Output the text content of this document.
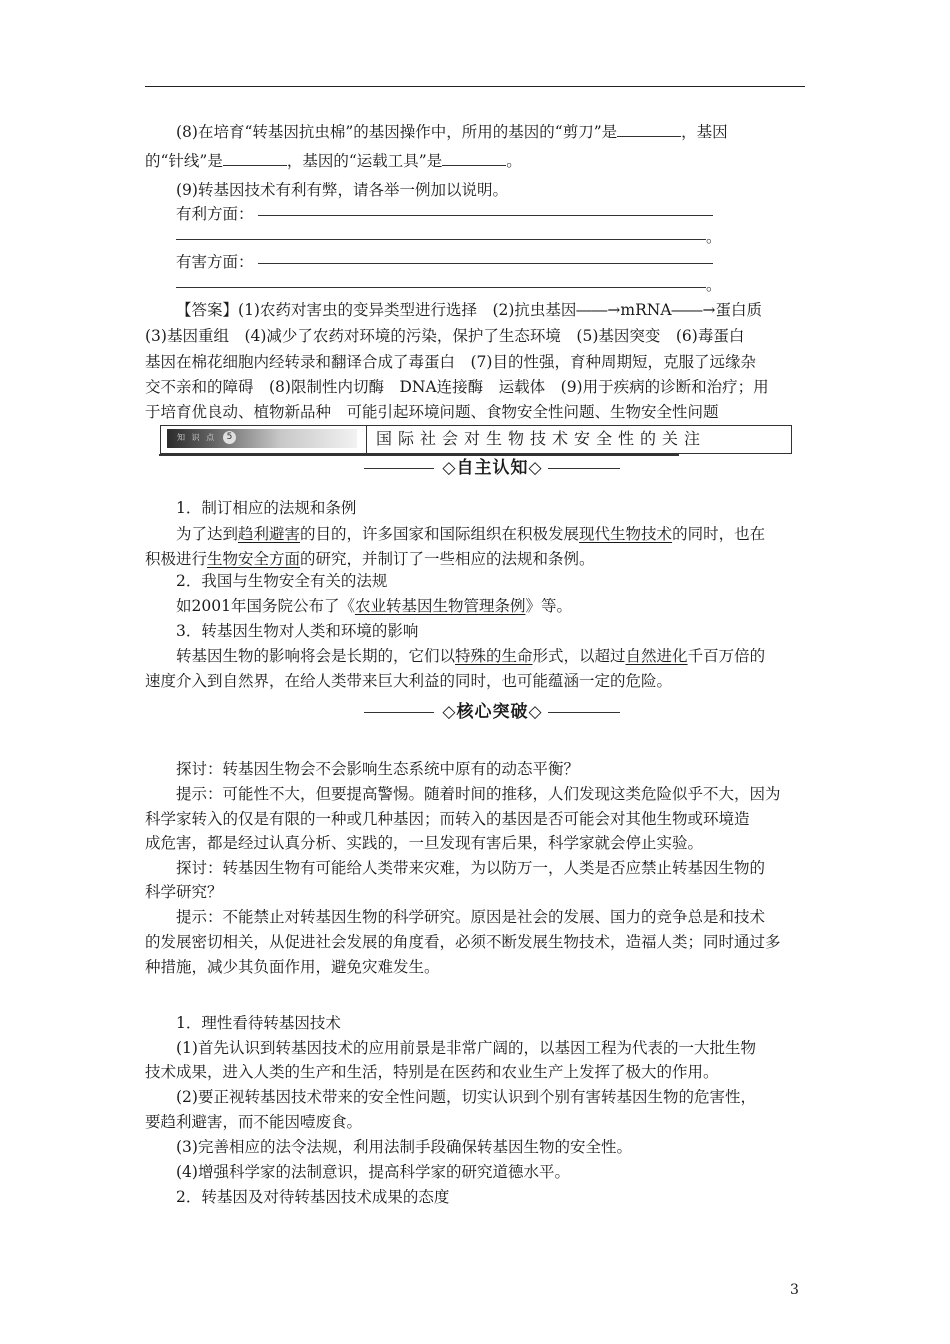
(8)在培育“转基因抗虫棉”的基因操作中，所用的基因的“剪刀”是	，基因
的“针线”是	，基因的“运载工具”是	。
(9)转基因技术有利有弊，请各举一例加以说明。
有利方面：
。
有害方面：
。
【答案】(1)农药对害虫的变异类型进行选择　(2)抗虫基因――→mRNA――→蛋白质
(3)基因重组　(4)减少了农药对环境的污染，保护了生态环境　(5)基因突变　(6)毒蛋白
基因在棉花细胞内经转录和翻译合成了毒蛋白　(7)目的性强，育种周期短，克服了远缘杂
交不亲和的障碍　(8)限制性内切酶　DNA连接酶　运载体　(9)用于疾病的诊断和治疗；用
于培育优良动、植物新品种　可能引起环境问题、食物安全性问题、生物安全性问题
知 识 点	5	国际社会对生物技术安全性的关注
◇自主认知◇
1．制订相应的法规和条例
为了达到趋利避害的目的，许多国家和国际组织在积极发展现代生物技术的同时，也在
积极进行生物安全方面的研究，并制订了一些相应的法规和条例。
2．我国与生物安全有关的法规
如2001年国务院公布了《农业转基因生物管理条例》等。
3．转基因生物对人类和环境的影响
转基因生物的影响将会是长期的，它们以特殊的生命形式，以超过自然进化千百万倍的
速度介入到自然界，在给人类带来巨大利益的同时，也可能蕴涵一定的危险。
◇核心突破◇
探讨：转基因生物会不会影响生态系统中原有的动态平衡？
提示：可能性不大，但要提高警惕。随着时间的推移，人们发现这类危险似乎不大，因为
科学家转入的仅是有限的一种或几种基因；而转入的基因是否可能会对其他生物或环境造
成危害，都是经过认真分析、实践的，一旦发现有害后果，科学家就会停止实验。
探讨：转基因生物有可能给人类带来灾难，为以防万一，人类是否应禁止转基因生物的
科学研究？
提示：不能禁止对转基因生物的科学研究。原因是社会的发展、国力的竞争总是和技术
的发展密切相关，从促进社会发展的角度看，必须不断发展生物技术，造福人类；同时通过多
种措施，减少其负面作用，避免灾难发生。
1．理性看待转基因技术
(1)首先认识到转基因技术的应用前景是非常广阔的，以基因工程为代表的一大批生物
技术成果，进入人类的生产和生活，特别是在医药和农业生产上发挥了极大的作用。
(2)要正视转基因技术带来的安全性问题，切实认识到个别有害转基因生物的危害性，
要趋利避害，而不能因噎废食。
(3)完善相应的法令法规，利用法制手段确保转基因生物的安全性。
(4)增强科学家的法制意识，提高科学家的研究道德水平。
2．转基因及对待转基因技术成果的态度
3
